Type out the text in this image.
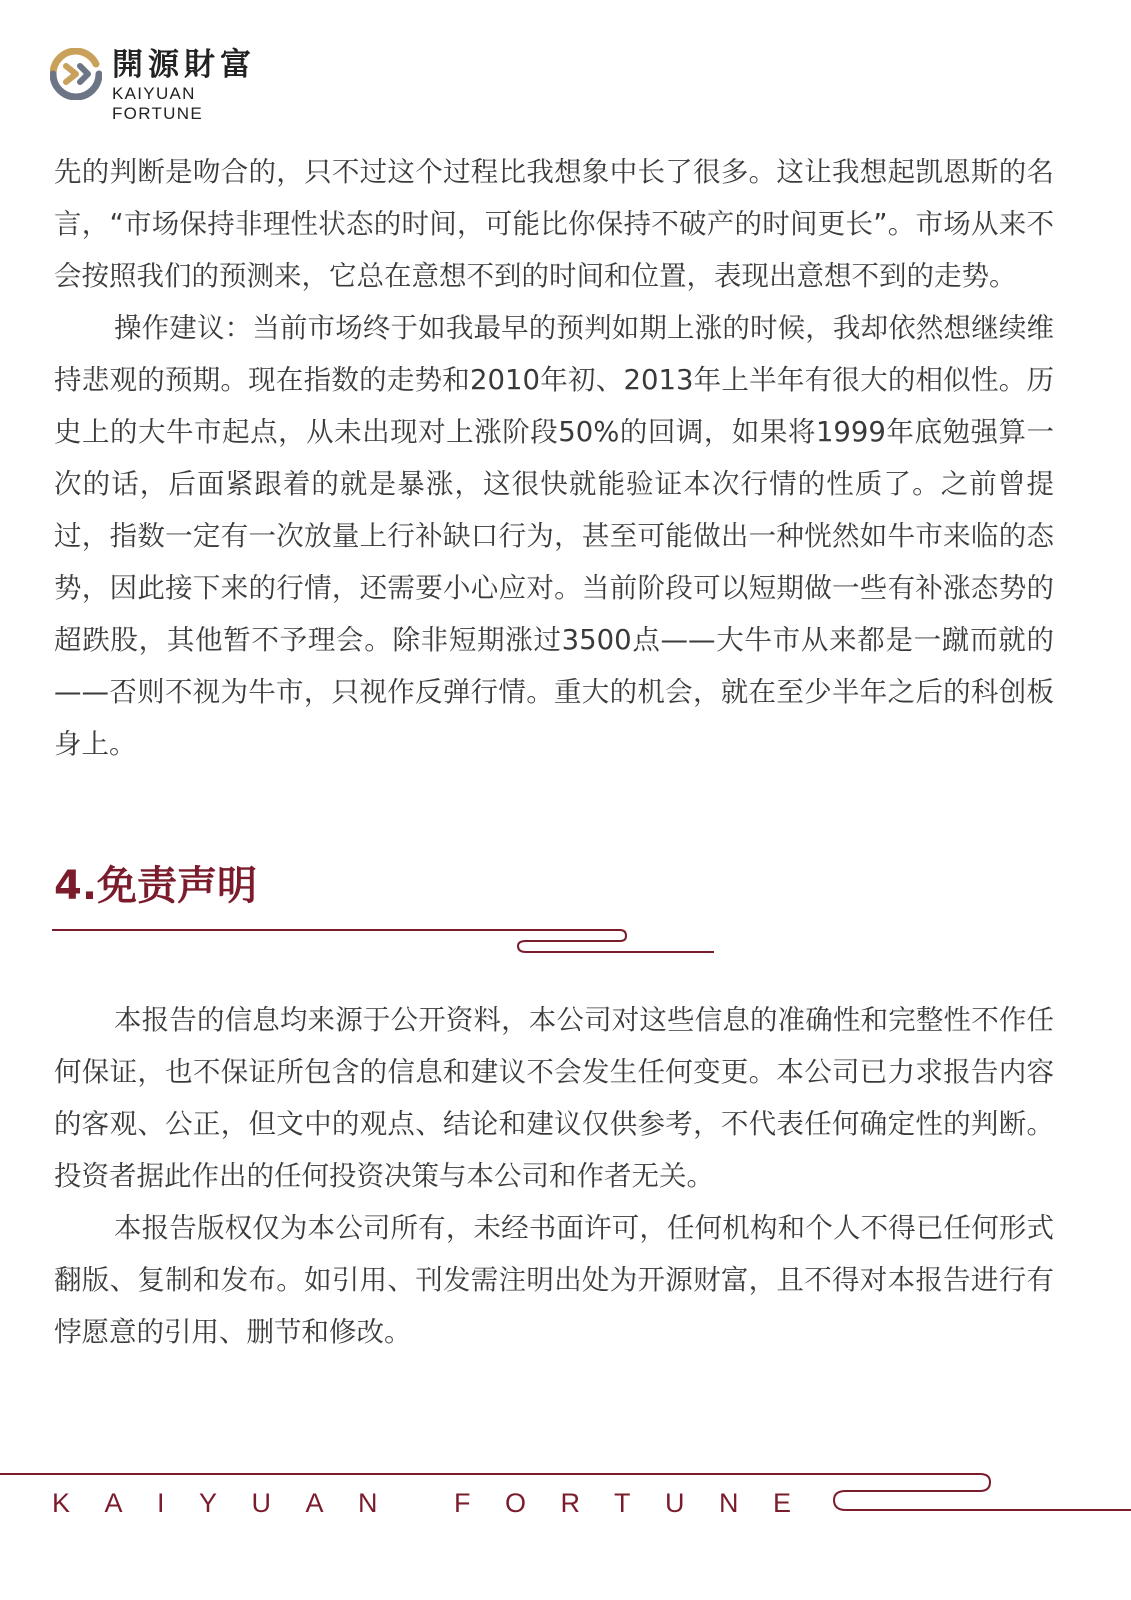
開源財富
KAIYUAN FORTUNE

先的判断是吻合的，只不过这个过程比我想象中长了很多。这让我想起凯恩斯的名言，“市场保持非理性状态的时间，可能比你保持不破产的时间更长”。市场从来不会按照我们的预测来，它总在意想不到的时间和位置，表现出意想不到的走势。

操作建议：当前市场终于如我最早的预判如期上涨的时候，我却依然想继续维持悲观的预期。现在指数的走势和2010年初、2013年上半年有很大的相似性。历史上的大牛市起点，从未出现对上涨阶段50%的回调，如果将1999年底勉强算一次的话，后面紧跟着的就是暴涨，这很快就能验证本次行情的性质了。之前曾提过，指数一定有一次放量上行补缺口行为，甚至可能做出一种恍然如牛市来临的态势，因此接下来的行情，还需要小心应对。当前阶段可以短期做一些有补涨态势的超跌股，其他暂不予理会。除非短期涨过3500点——大牛市从来都是一蹴而就的——否则不视为牛市，只视作反弹行情。重大的机会，就在至少半年之后的科创板身上。

4.免责声明

本报告的信息均来源于公开资料，本公司对这些信息的准确性和完整性不作任何保证，也不保证所包含的信息和建议不会发生任何变更。本公司已力求报告内容的客观、公正，但文中的观点、结论和建议仅供参考，不代表任何确定性的判断。投资者据此作出的任何投资决策与本公司和作者无关。

本报告版权仅为本公司所有，未经书面许可，任何机构和个人不得已任何形式翻版、复制和发布。如引用、刊发需注明出处为开源财富，且不得对本报告进行有悖愿意的引用、删节和修改。

KAIYUAN FORTUNE
